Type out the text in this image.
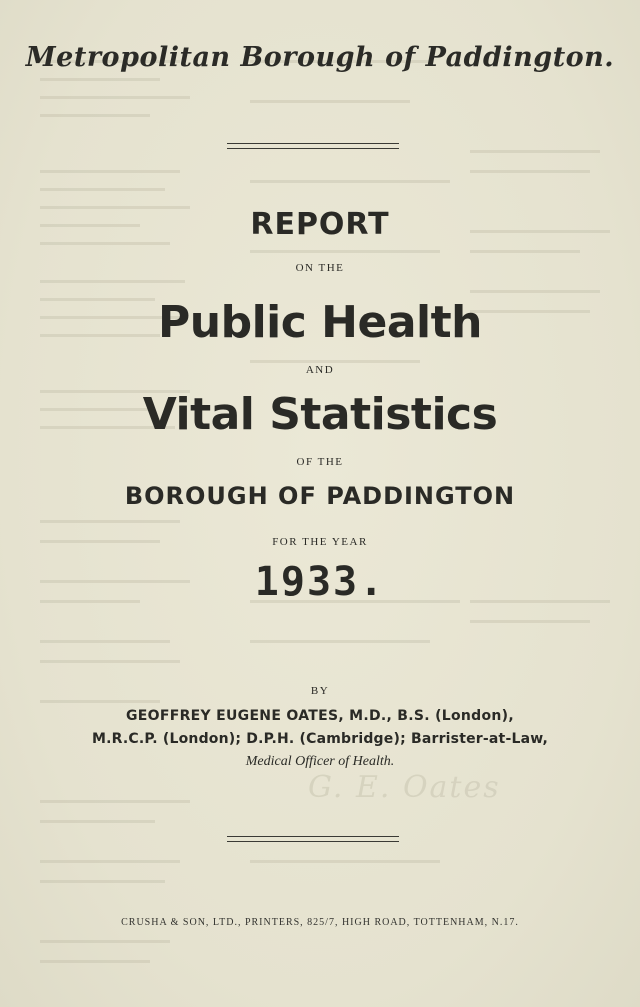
Metropolitan Borough of Paddington.
REPORT
ON THE
Public Health
AND
Vital Statistics
OF THE
BOROUGH OF PADDINGTON
FOR THE YEAR
1933.
BY
GEOFFREY EUGENE OATES, M.D., B.S. (London),
M.R.C.P. (London); D.P.H. (Cambridge); Barrister-at-Law,
Medical Officer of Health.
G. E. Oates
CRUSHA & SON, LTD., PRINTERS, 825/7, HIGH ROAD, TOTTENHAM, N.17.
